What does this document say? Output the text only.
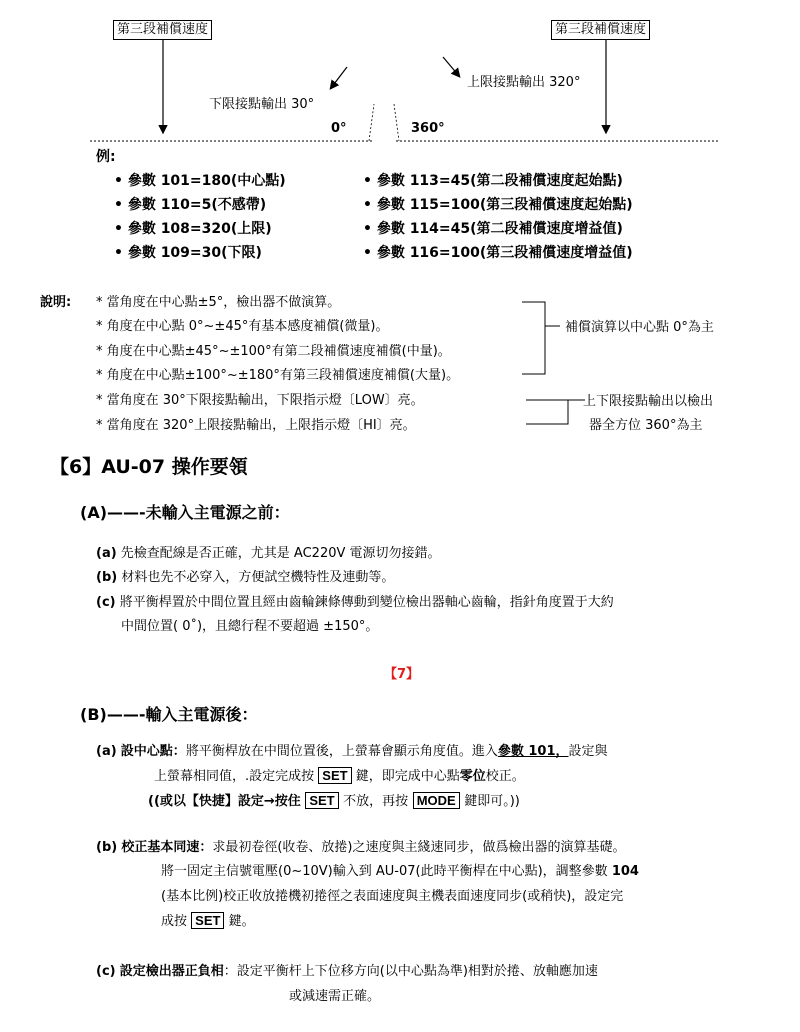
第三段補償速度	第三段補償速度
下限接點輸出 30°
上限接點輸出 320°
0°	360°
例:
• 參數 101=180(中心點)
• 參數 110=5(不感帶)
• 參數 108=320(上限)
• 參數 109=30(下限)
• 參數 113=45(第二段補償速度起始點)
• 參數 115=100(第三段補償速度起始點)
• 參數 114=45(第二段補償速度增益值)
• 參數 116=100(第三段補償速度增益值)
說明: * 當角度在中心點±5°，檢出器不做演算。
* 角度在中心點 0°~±45°有基本感度補償(微量)。
* 角度在中心點±45°~±100°有第二段補償速度補償(中量)。
* 角度在中心點±100°~±180°有第三段補償速度補償(大量)。
* 當角度在 30°下限接點輸出，下限指示燈〔LOW〕亮。
* 當角度在 320°上限接點輸出，上限指示燈〔HI〕亮。
補償演算以中心點 0°為主
上下限接點輸出以檢出
器全方位 360°為主
【6】AU-07 操作要領
(A)——-未輸入主電源之前：
(a) 先檢查配線是否正確，尤其是 AC220V 電源切勿接錯。
(b) 材料也先不必穿入，方便試空機特性及連動等。
(c) 將平衡桿置於中間位置且經由齒輪鍊條傳動到變位檢出器軸心齒輪，指針角度置于大約
中間位置( 0˚)，且總行程不要超過 ±150°。
【7】
(B)——-輸入主電源後：
(a) 設中心點：將平衡桿放在中間位置後，上螢幕會顯示角度值。進入參數 101，設定與
上螢幕相同值，.設定完成按 SET 鍵，即完成中心點零位校正。
((或以【快捷】設定→按住 SET 不放，再按 MODE 鍵即可。))
(b) 校正基本同速：求最初卷徑(收卷、放捲)之速度與主綫速同步，做爲檢出器的演算基礎。
將一固定主信號電壓(0~10V)輸入到 AU-07(此時平衡桿在中心點)，調整參數 104
(基本比例)校正收放捲機初捲徑之表面速度與主機表面速度同步(或稍快)，設定完
成按 SET 鍵。
(c) 設定檢出器正負相：設定平衡杆上下位移方向(以中心點為準)相對於捲、放軸應加速
或減速需正確。
